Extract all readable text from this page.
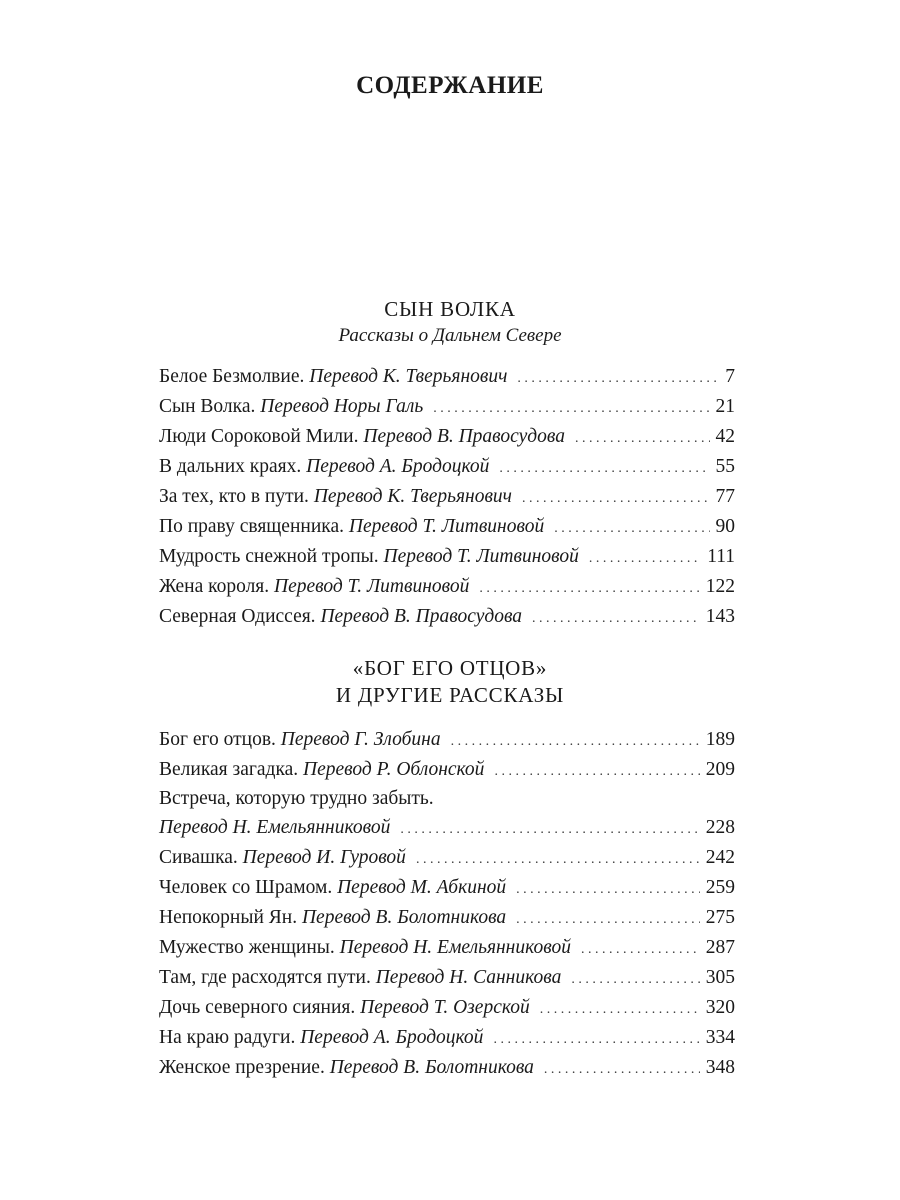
СОДЕРЖАНИЕ
СЫН ВОЛКА
Рассказы о Дальнем Севере
Белое Безмолвие.
Перевод К. Тверьянович . . .	7
Сын Волка.
Перевод Норы Галь . . .	21
Люди Сороковой Мили.
Перевод В. Правосудова . . .	42
В дальних краях.
Перевод А. Бродоцкой . . .	55
За тех, кто в пути.
Перевод К. Тверьянович . . .	77
По праву священника.
Перевод Т. Литвиновой . . .	90
Мудрость снежной тропы.
Перевод Т. Литвиновой . . .	111
Жена короля.
Перевод Т. Литвиновой . . .	122
Северная Одиссея.
Перевод В. Правосудова . . .	143
«БОГ ЕГО ОТЦОВ»
И ДРУГИЕ РАССКАЗЫ
Бог его отцов.
Перевод Г. Злобина . . .	189
Великая загадка.
Перевод Р. Облонской . . .	209
Встреча, которую трудно забыть.
Перевод Н. Емельянниковой . . .	228
Сивашка.
Перевод И. Гуровой . . .	242
Человек со Шрамом.
Перевод М. Абкиной . . .	259
Непокорный Ян.
Перевод В. Болотникова . . .	275
Мужество женщины.
Перевод Н. Емельянниковой . . .	287
Там, где расходятся пути.
Перевод Н. Санникова . . .	305
Дочь северного сияния.
Перевод Т. Озерской . . .	320
На краю радуги.
Перевод А. Бродоцкой . . .	334
Женское презрение.
Перевод В. Болотникова . . .	348
